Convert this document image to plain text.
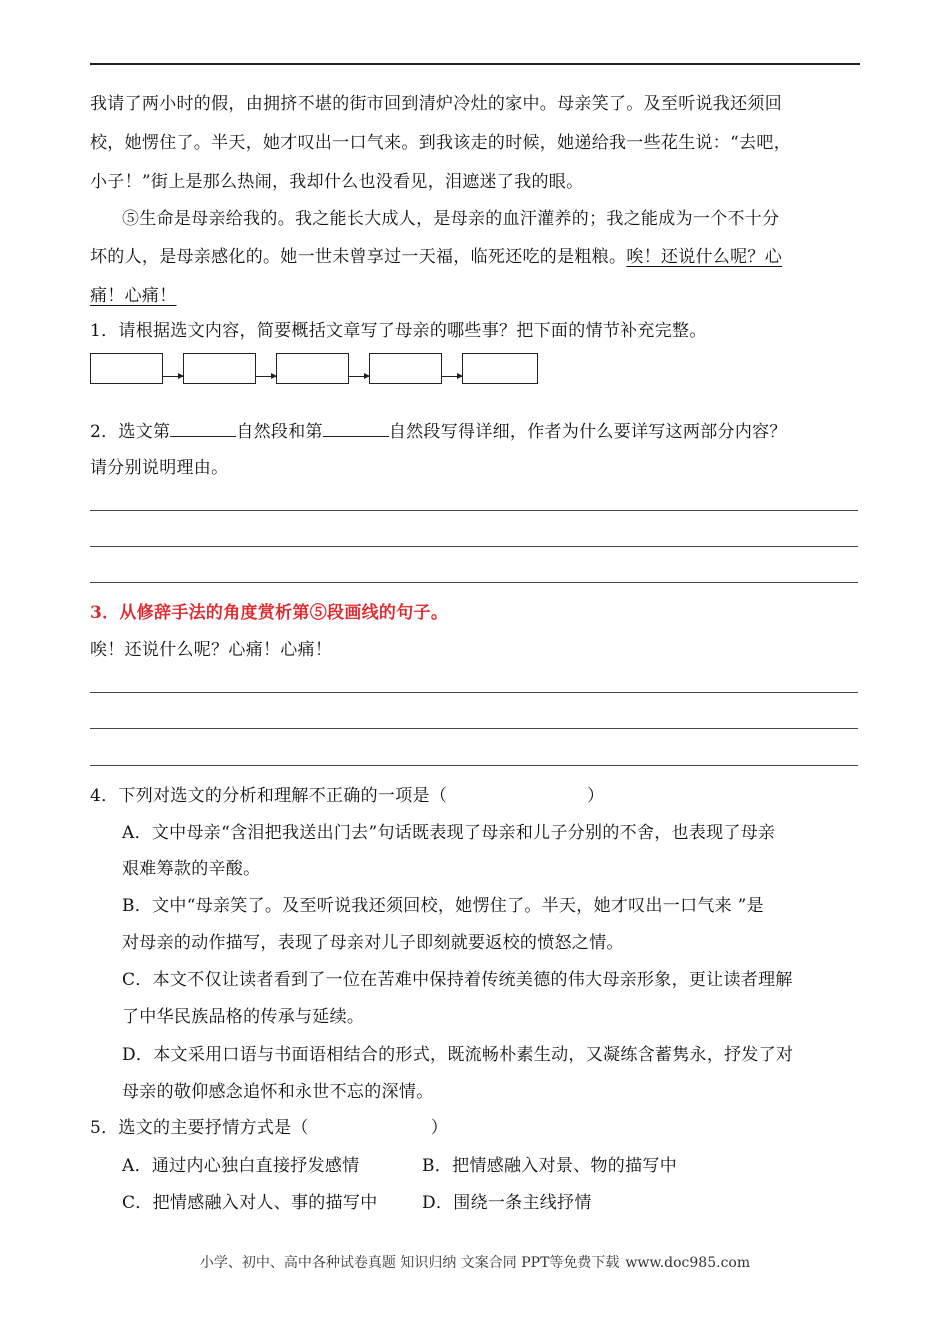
我请了两小时的假，由拥挤不堪的街市回到清炉冷灶的家中。母亲笑了。及至听说我还须回
校，她愣住了。半天，她才叹出一口气来。到我该走的时候，她递给我一些花生说：“去吧，
小子！”街上是那么热闹，我却什么也没看见，泪遮迷了我的眼。
⑤生命是母亲给我的。我之能长大成人，是母亲的血汗灌养的；我之能成为一个不十分
坏的人，是母亲感化的。她一世未曾享过一天福，临死还吃的是粗粮。唉！还说什么呢？心
痛！心痛！
1．请根据选文内容，简要概括文章写了母亲的哪些事？把下面的情节补充完整。
2．选文第	自然段和第	自然段写得详细，作者为什么要详写这两部分内容？
请分别说明理由。
3．从修辞手法的角度赏析第⑤段画线的句子。
唉！还说什么呢？心痛！心痛！
4．下列对选文的分析和理解不正确的一项是（	）
A．文中母亲“含泪把我送出门去”句话既表现了母亲和儿子分别的不舍，也表现了母亲
艰难筹款的辛酸。
B．文中“母亲笑了。及至听说我还须回校，她愣住了。半天，她才叹出一口气来 ”是
对母亲的动作描写，表现了母亲对儿子即刻就要返校的愤怒之情。
C．本文不仅让读者看到了一位在苦难中保持着传统美德的伟大母亲形象，更让读者理解
了中华民族品格的传承与延续。
D．本文采用口语与书面语相结合的形式，既流畅朴素生动，又凝练含蓄隽永，抒发了对
母亲的敬仰感念追怀和永世不忘的深情。
5．选文的主要抒情方式是（	）
A．通过内心独白直接抒发感情	B．把情感融入对景、物的描写中
C．把情感融入对人、事的描写中	D．围绕一条主线抒情
小学、初中、高中各种试卷真题 知识归纳 文案合同 PPT等免费下载 www.doc985.com
